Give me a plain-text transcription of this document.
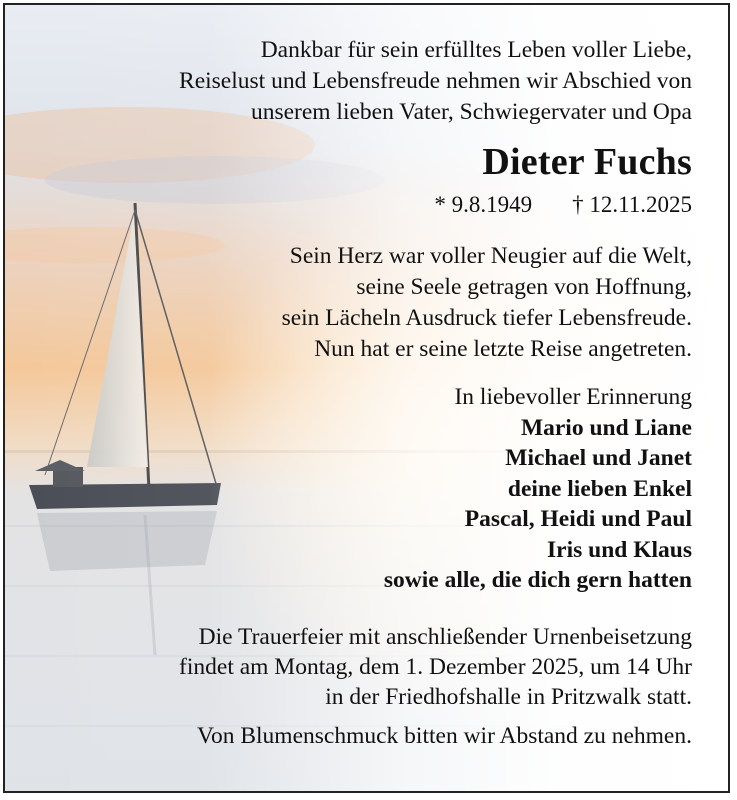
Dankbar für sein erfülltes Leben voller Liebe,
Reiselust und Lebensfreude nehmen wir Abschied von
unserem lieben Vater, Schwiegervater und Opa
Dieter Fuchs
* 9.8.1949 † 12.11.2025
Sein Herz war voller Neugier auf die Welt,
seine Seele getragen von Hoffnung,
sein Lächeln Ausdruck tiefer Lebensfreude.
Nun hat er seine letzte Reise angetreten.
In liebevoller Erinnerung
Mario und Liane
Michael und Janet
deine lieben Enkel
Pascal, Heidi und Paul
Iris und Klaus
sowie alle, die dich gern hatten
Die Trauerfeier mit anschließender Urnenbeisetzung
findet am Montag, dem 1. Dezember 2025, um 14 Uhr
in der Friedhofshalle in Pritzwalk statt.
Von Blumenschmuck bitten wir Abstand zu nehmen.
